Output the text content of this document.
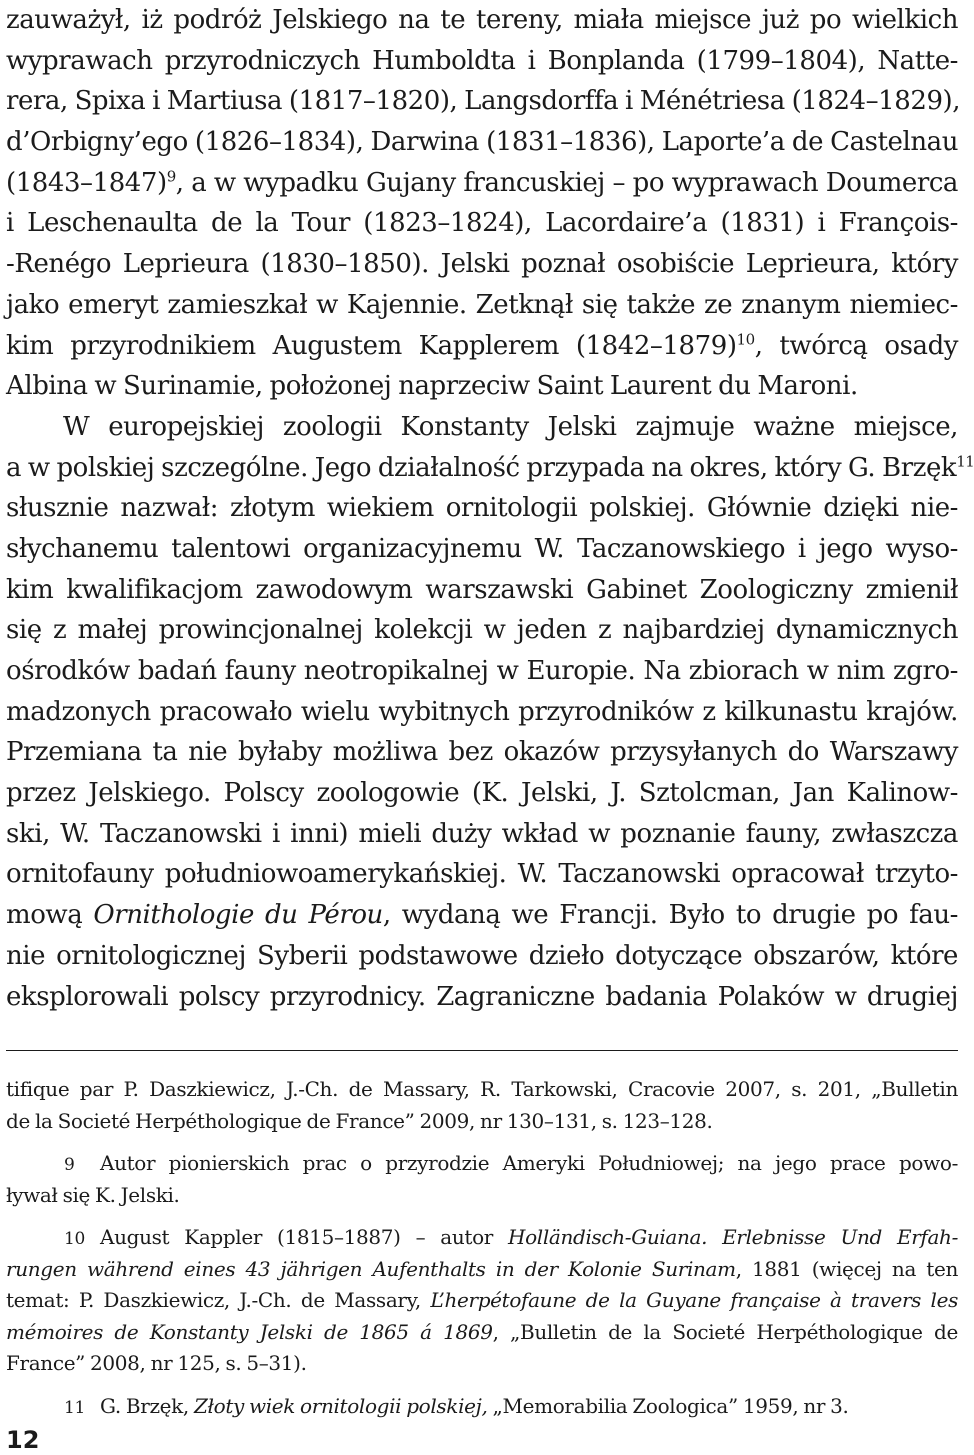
zauważył, iż podróż Jelskiego na te tereny, miała miejsce już po wielkich
wyprawach przyrodniczych Humboldta i Bonplanda (1799–1804), Natte-
rera, Spixa i Martiusa (1817–1820), Langsdorffa i Ménétriesa (1824–1829),
d’Orbigny’ego (1826–1834), Darwina (1831–1836), Laporte’a de Castelnau
(1843–1847)$^9$, a w wypadku Gujany francuskiej – po wyprawach Doumerca
i Leschenaulta de la Tour (1823–1824), Lacordaire’a (1831) i François-
-Renégo Leprieura (1830–1850). Jelski poznał osobiście Leprieura, który
jako emeryt zamieszkał w Kajennie. Zetknął się także ze znanym niemiec-
kim przyrodnikiem Augustem Kapplerem (1842–1879)$^{10}$, twórcą osady
Albina w Surinamie, położonej naprzeciw Saint Laurent du Maroni.
W europejskiej zoologii Konstanty Jelski zajmuje ważne miejsce,
a w polskiej szczególne. Jego działalność przypada na okres, który G. Brzęk$^{11}$
słusznie nazwał: złotym wiekiem ornitologii polskiej. Głównie dzięki nie-
słychanemu talentowi organizacyjnemu W. Taczanowskiego i jego wyso-
kim kwalifikacjom zawodowym warszawski Gabinet Zoologiczny zmienił
się z małej prowincjonalnej kolekcji w jeden z najbardziej dynamicznych
ośrodków badań fauny neotropikalnej w Europie. Na zbiorach w nim zgro-
madzonych pracowało wielu wybitnych przyrodników z kilkunastu krajów.
Przemiana ta nie byłaby możliwa bez okazów przysyłanych do Warszawy
przez Jelskiego. Polscy zoologowie (K. Jelski, J. Sztolcman, Jan Kalinow-
ski, W. Taczanowski i inni) mieli duży wkład w poznanie fauny, zwłaszcza
ornitofauny południowoamerykańskiej. W. Taczanowski opracował trzyto-
mową Ornithologie du Pérou, wydaną we Francji. Było to drugie po fau-
nie ornitologicznej Syberii podstawowe dzieło dotyczące obszarów, które
eksplorowali polscy przyrodnicy. Zagraniczne badania Polaków w drugiej
tifique par P. Daszkiewicz, J.-Ch. de Massary, R. Tarkowski, Cracovie 2007, s. 201, „Bulletin
de la Societé Herpéthologique de France” 2009, nr 130–131, s. 123–128.
9 Autor pionierskich prac o przyrodzie Ameryki Południowej; na jego prace powo-
ływał się K. Jelski.
10 August Kappler (1815–1887) – autor Holländisch-Guiana. Erlebnisse Und Erfah-
rungen während eines 43 jährigen Aufenthalts in der Kolonie Surinam, 1881 (więcej na ten
temat: P. Daszkiewicz, J.-Ch. de Massary, L’herpétofaune de la Guyane française à travers les
mémoires de Konstanty Jelski de 1865 á 1869, „Bulletin de la Societé Herpéthologique de
France” 2008, nr 125, s. 5–31).
11 G. Brzęk, Złoty wiek ornitologii polskiej, „Memorabilia Zoologica” 1959, nr 3.
12
